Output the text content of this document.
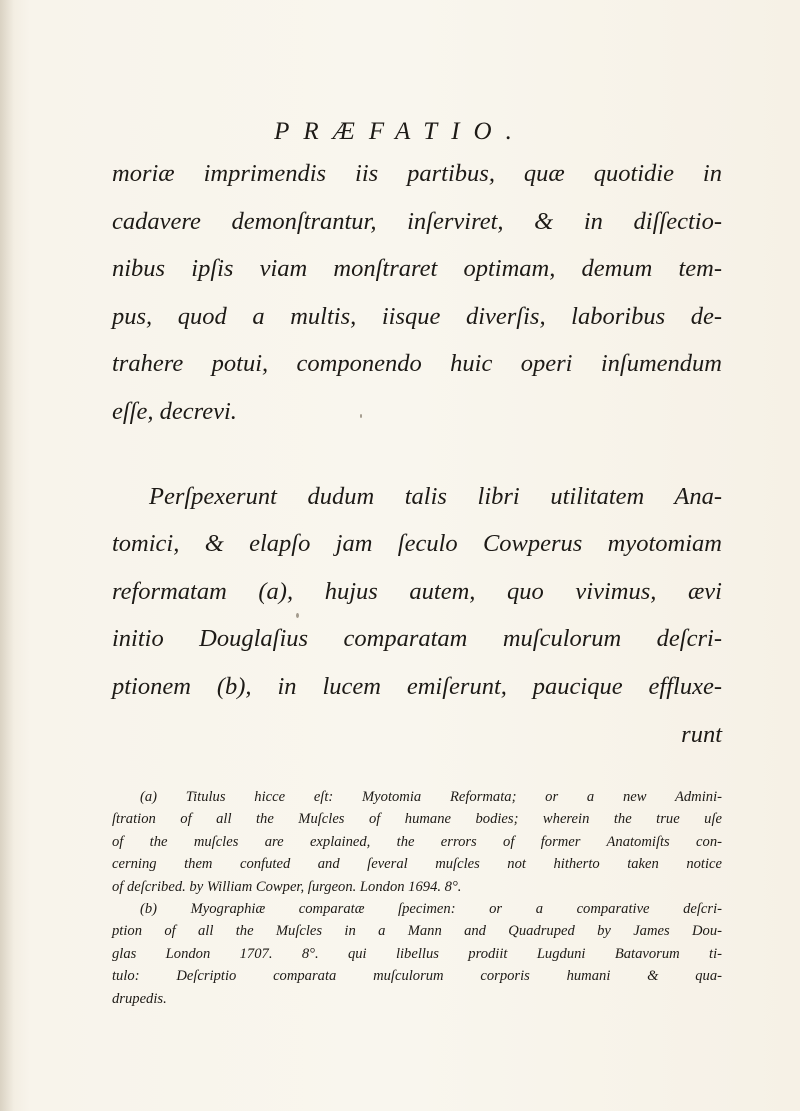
PRÆFATIO.
moriæ imprimendis iis partibus, quæ quotidie in
cadavere demonſtrantur, inſerviret, & in diſſectio-
nibus ipſis viam monſtraret optimam, demum tem-
pus, quod a multis, iisque diverſis, laboribus de-
trahere potui, componendo huic operi inſumendum
eſſe, decrevi.
Perſpexerunt dudum talis libri utilitatem Ana-
tomici, & elapſo jam ſeculo Cowperus myotomiam
reformatam (a), hujus autem, quo vivimus, ævi
initio Douglaſius comparatam muſculorum deſcri-
ptionem (b), in lucem emiſerunt, paucique effluxe-
runt
(a) Titulus hicce eſt: Myotomia Reformata; or a new Admini-
ſtration of all the Muſcles of humane bodies; wherein the true uſe
of the muſcles are explained, the errors of former Anatomiſts con-
cerning them confuted and ſeveral muſcles not hitherto taken notice
of deſcribed. by William Cowper, ſurgeon. London 1694. 8°.
(b) Myographiæ comparatæ ſpecimen: or a comparative deſcri-
ption of all the Muſcles in a Mann and Quadruped by James Dou-
glas London 1707. 8°. qui libellus prodiit Lugduni Batavorum ti-
tulo: Deſcriptio comparata muſculorum corporis humani & qua-
drupedis.
